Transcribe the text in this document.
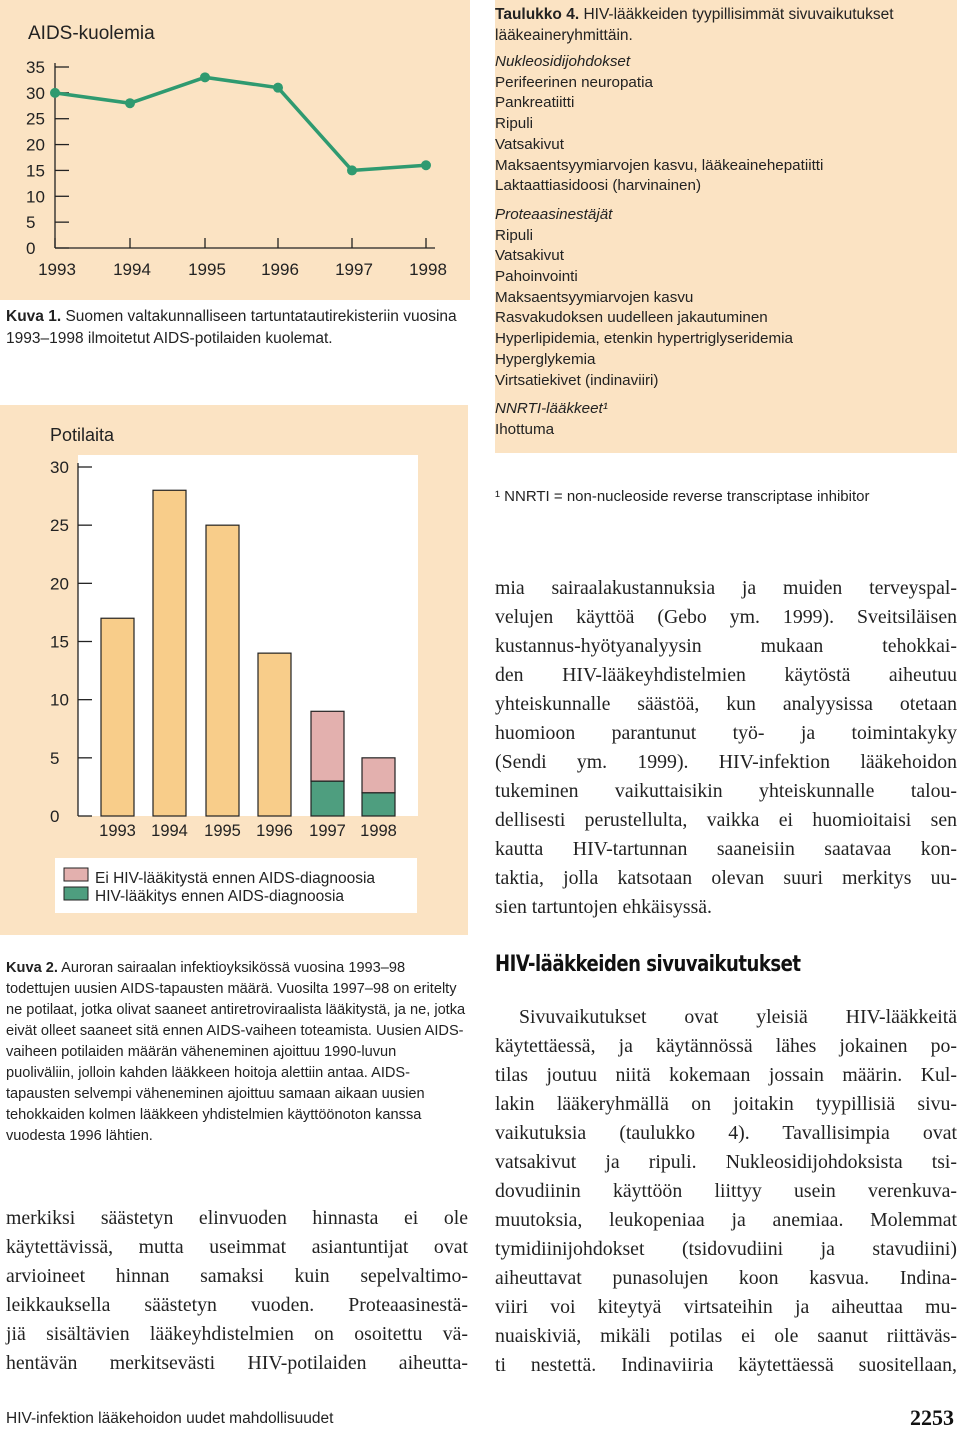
AIDS-kuolemia
35
30
25
20
15
10
5
0
1993 1994 1995 1996 1997 1998
Kuva 1. Suomen valtakunnalliseen tartuntatautirekisteriin vuosina 1993–1998 ilmoitetut AIDS-potilaiden kuolemat.
Potilaita
30
25
20
15
10
5
0
1993 1994 1995 1996 1997 1998
Ei HIV-lääkitystä ennen AIDS-diagnoosia
HIV-lääkitys ennen AIDS-diagnoosia
Kuva 2. Auroran sairaalan infektioyksikössä vuosina 1993–98 todettujen uusien AIDS-tapausten määrä. Vuosilta 1997–98 on eritelty ne potilaat, jotka olivat saaneet antiretroviraalista lääkitystä, ja ne, jotka eivät olleet saaneet sitä ennen AIDS-vaiheen toteamista. Uusien AIDS-vaiheen potilaiden määrän väheneminen ajoittuu 1990-luvun puoliväliin, jolloin kahden lääkkeen hoitoja alettiin antaa. AIDS-tapausten selvempi väheneminen ajoittuu samaan aikaan uusien tehokkaiden kolmen lääkkeen yhdistelmien käyttöönoton kanssa vuodesta 1996 lähtien.
merkiksi säästetyn elinvuoden hinnasta ei ole
käytettävissä, mutta useimmat asiantuntijat ovat
arvioineet hinnan samaksi kuin sepelvaltimo-
leikkauksella säästetyn vuoden. Proteaasinestä-
jiä sisältävien lääkeyhdistelmien on osoitettu vä-
hentävän merkitsevästi HIV-potilaiden aiheutta-
Taulukko 4. HIV-lääkkeiden tyypillisimmät sivuvaikutukset lääkeaineryhmittäin.
Nukleosidijohdokset
Perifeerinen neuropatia
Pankreatiitti
Ripuli
Vatsakivut
Maksaentsyymiarvojen kasvu, lääkeainehepatiitti
Laktaattiasidoosi (harvinainen)
Proteaasinestäjät
Ripuli
Vatsakivut
Pahoinvointi
Maksaentsyymiarvojen kasvu
Rasvakudoksen uudelleen jakautuminen
Hyperlipidemia, etenkin hypertriglyseridemia
Hyperglykemia
Virtsatiekivet (indinaviiri)
NNRTI-lääkkeet¹
Ihottuma
¹ NNRTI = non-nucleoside reverse transcriptase inhibitor
mia sairaalakustannuksia ja muiden terveyspal-
velujen käyttöä (Gebo ym. 1999). Sveitsiläisen
kustannus-hyötyanalyysin mukaan tehokkai-
den HIV-lääkeyhdistelmien käytöstä aiheutuu
yhteiskunnalle säästöä, kun analyysissa otetaan
huomioon parantunut työ- ja toimintakyky
(Sendi ym. 1999). HIV-infektion lääkehoidon
tukeminen vaikuttaisikin yhteiskunnalle talou-
dellisesti perustellulta, vaikka ei huomioitaisi sen
kautta HIV-tartunnan saaneisiin saatavaa kon-
taktia, jolla katsotaan olevan suuri merkitys uu-
sien tartuntojen ehkäisyssä.
HIV-lääkkeiden sivuvaikutukset
Sivuvaikutukset ovat yleisiä HIV-lääkkeitä
käytettäessä, ja käytännössä lähes jokainen po-
tilas joutuu niitä kokemaan jossain määrin. Kul-
lakin lääkeryhmällä on joitakin tyypillisiä sivu-
vaikutuksia (taulukko 4). Tavallisimpia ovat
vatsakivut ja ripuli. Nukleosidijohdoksista tsi-
dovudiinin käyttöön liittyy usein verenkuva-
muutoksia, leukopeniaa ja anemiaa. Molemmat
tymidiinijohdokset (tsidovudiini ja stavudiini)
aiheuttavat punasolujen koon kasvua. Indina-
viiri voi kiteytyä virtsateihin ja aiheuttaa mu-
nuaiskiviä, mikäli potilas ei ole saanut riittäväs-
ti nestettä. Indinaviiria käytettäessä suositellaan,
HIV-infektion lääkehoidon uudet mahdollisuudet	2253
